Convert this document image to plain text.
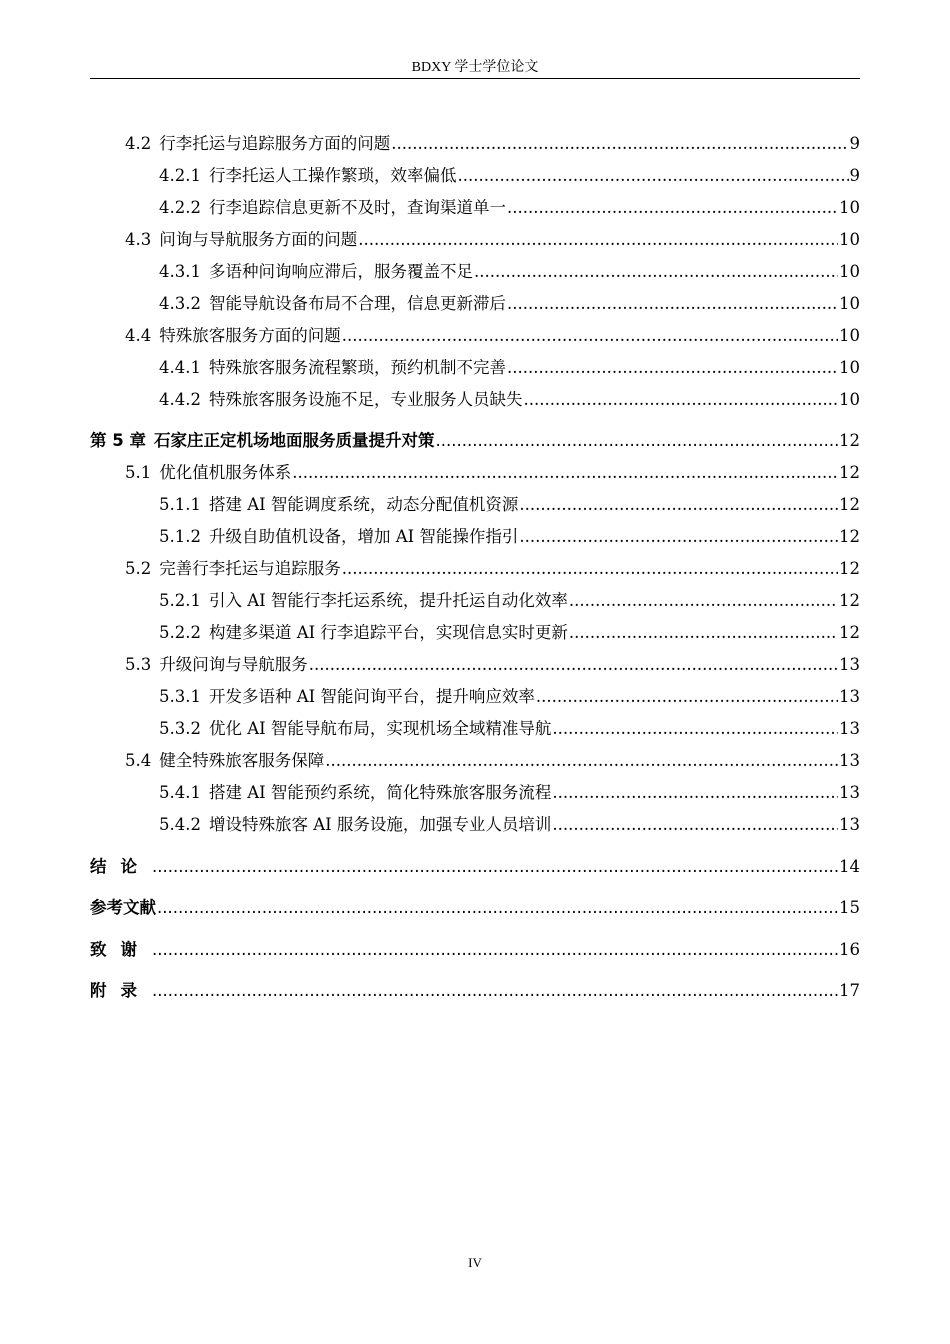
BDXY 学士学位论文
4.2 行李托运与追踪服务方面的问题 .....	9
4.2.1 行李托运人工操作繁琐，效率偏低 .....	9
4.2.2 行李追踪信息更新不及时，查询渠道单一 .....	10
4.3 问询与导航服务方面的问题 .....	10
4.3.1 多语种问询响应滞后，服务覆盖不足 .....	10
4.3.2 智能导航设备布局不合理，信息更新滞后 .....	10
4.4 特殊旅客服务方面的问题 .....	10
4.4.1 特殊旅客服务流程繁琐，预约机制不完善 .....	10
4.4.2 特殊旅客服务设施不足，专业服务人员缺失 .....	10
第 5 章 石家庄正定机场地面服务质量提升对策 .....	12
5.1 优化值机服务体系 .....	12
5.1.1 搭建 AI 智能调度系统，动态分配值机资源 .....	12
5.1.2 升级自助值机设备，增加 AI 智能操作指引 .....	12
5.2 完善行李托运与追踪服务 .....	12
5.2.1 引入 AI 智能行李托运系统，提升托运自动化效率 .....	12
5.2.2 构建多渠道 AI 行李追踪平台，实现信息实时更新 .....	12
5.3 升级问询与导航服务 .....	13
5.3.1 开发多语种 AI 智能问询平台，提升响应效率 .....	13
5.3.2 优化 AI 智能导航布局，实现机场全域精准导航 .....	13
5.4 健全特殊旅客服务保障 .....	13
5.4.1 搭建 AI 智能预约系统，简化特殊旅客服务流程 .....	13
5.4.2 增设特殊旅客 AI 服务设施，加强专业人员培训 .....	13
结论 .....	14
参考文献 .....	15
致谢 .....	16
附录 .....	17
IV
